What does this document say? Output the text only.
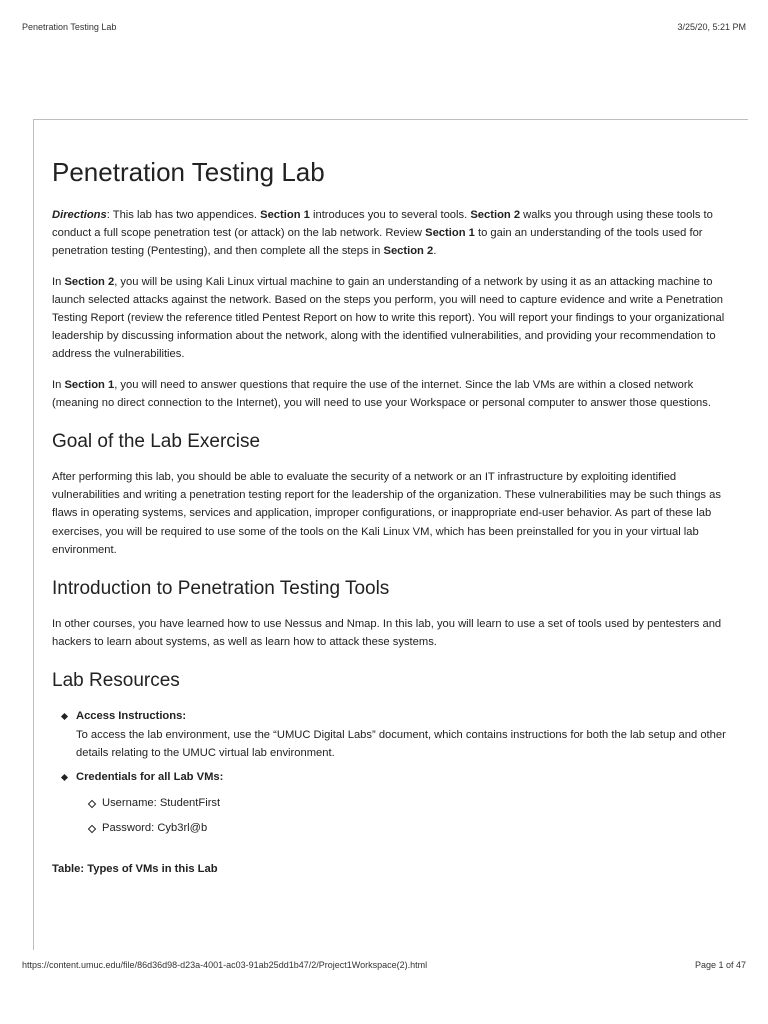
Penetration Testing Lab	3/25/20, 5:21 PM
Penetration Testing Lab

Directions: This lab has two appendices. Section 1 introduces you to several tools. Section 2 walks you through using these tools to conduct a full scope penetration test (or attack) on the lab network. Review Section 1 to gain an understanding of the tools used for penetration testing (Pentesting), and then complete all the steps in Section 2.

In Section 2, you will be using Kali Linux virtual machine to gain an understanding of a network by using it as an attacking machine to launch selected attacks against the network. Based on the steps you perform, you will need to capture evidence and write a Penetration Testing Report (review the reference titled Pentest Report on how to write this report). You will report your findings to your organizational leadership by discussing information about the network, along with the identified vulnerabilities, and providing your recommendation to address the vulnerabilities.

In Section 1, you will need to answer questions that require the use of the internet. Since the lab VMs are within a closed network (meaning no direct connection to the Internet), you will need to use your Workspace or personal computer to answer those questions.

Goal of the Lab Exercise

After performing this lab, you should be able to evaluate the security of a network or an IT infrastructure by exploiting identified vulnerabilities and writing a penetration testing report for the leadership of the organization. These vulnerabilities may be such things as flaws in operating systems, services and application, improper configurations, or inappropriate end-user behavior. As part of these lab exercises, you will be required to use some of the tools on the Kali Linux VM, which has been preinstalled for you in your virtual lab environment.

Introduction to Penetration Testing Tools

In other courses, you have learned how to use Nessus and Nmap. In this lab, you will learn to use a set of tools used by pentesters and hackers to learn about systems, as well as learn how to attack these systems.

Lab Resources
Access Instructions:
To access the lab environment, use the “UMUC Digital Labs” document, which contains instructions for both the lab setup and other details relating to the UMUC virtual lab environment.
Credentials for all Lab VMs:
Username: StudentFirst
Password: Cyb3rl@b
Table: Types of VMs in this Lab
https://content.umuc.edu/file/86d36d98-d23a-4001-ac03-91ab25dd1b47/2/Project1Workspace(2).html	Page 1 of 47
